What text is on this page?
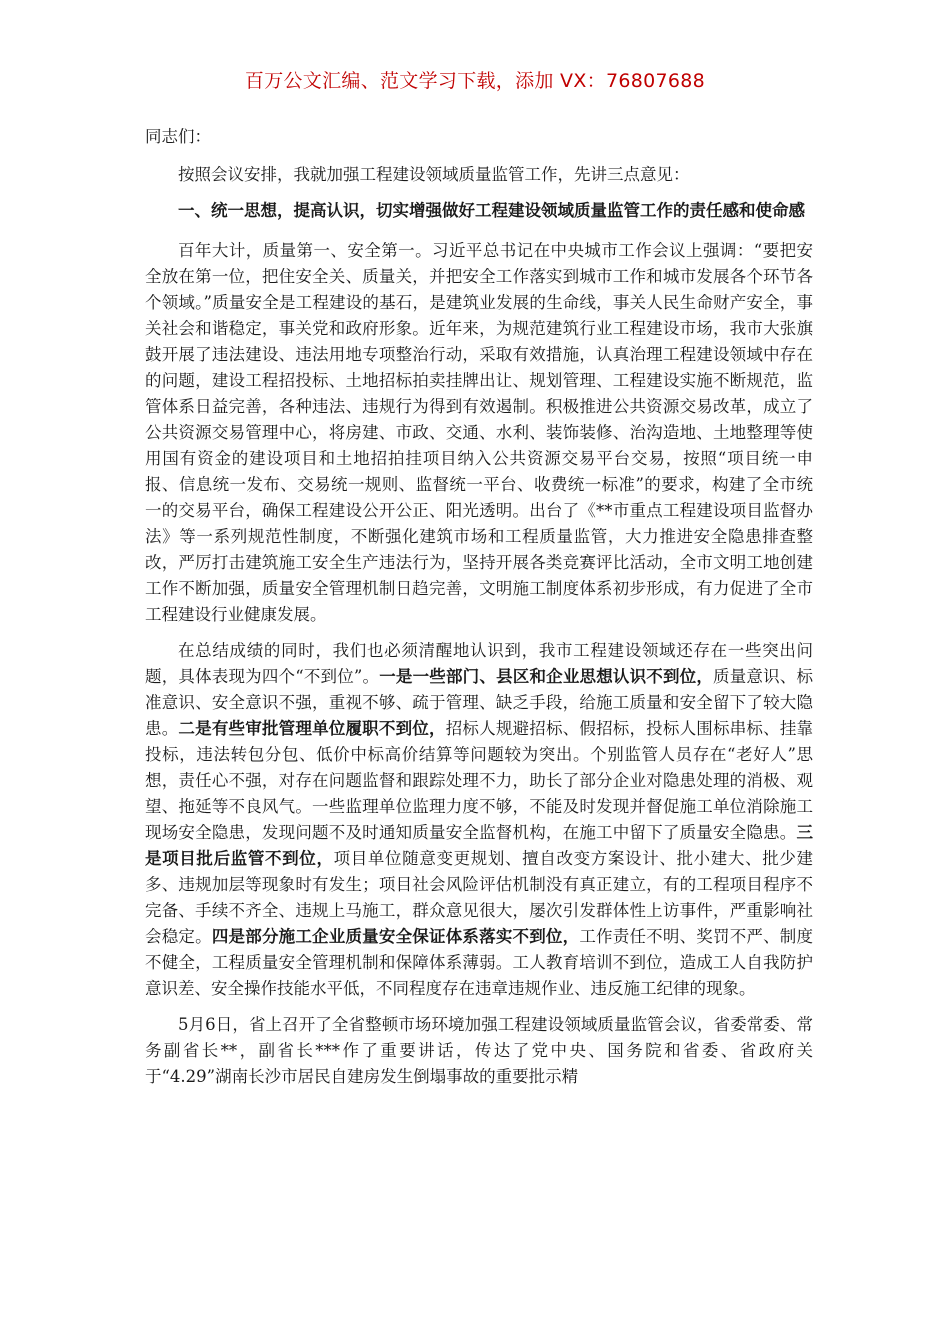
百万公文汇编、范文学习下载，添加 VX：76807688

同志们：

按照会议安排，我就加强工程建设领域质量监管工作，先讲三点意见：

一、统一思想，提高认识，切实增强做好工程建设领域质量监管工作的责任感和使命感

百年大计，质量第一、安全第一。习近平总书记在中央城市工作会议上强调：“要把安全放在第一位，把住安全关、质量关，并把安全工作落实到城市工作和城市发展各个环节各个领域。”质量安全是工程建设的基石，是建筑业发展的生命线，事关人民生命财产安全，事关社会和谐稳定，事关党和政府形象。近年来，为规范建筑行业工程建设市场，我市大张旗鼓开展了违法建设、违法用地专项整治行动，采取有效措施，认真治理工程建设领域中存在的问题，建设工程招投标、土地招标拍卖挂牌出让、规划管理、工程建设实施不断规范，监管体系日益完善，各种违法、违规行为得到有效遏制。积极推进公共资源交易改革，成立了公共资源交易管理中心，将房建、市政、交通、水利、装饰装修、治沟造地、土地整理等使用国有资金的建设项目和土地招拍挂项目纳入公共资源交易平台交易，按照“项目统一申报、信息统一发布、交易统一规则、监督统一平台、收费统一标准”的要求，构建了全市统一的交易平台，确保工程建设公开公正、阳光透明。出台了《**市重点工程建设项目监督办法》等一系列规范性制度，不断强化建筑市场和工程质量监管，大力推进安全隐患排查整改，严厉打击建筑施工安全生产违法行为，坚持开展各类竞赛评比活动，全市文明工地创建工作不断加强，质量安全管理机制日趋完善，文明施工制度体系初步形成，有力促进了全市工程建设行业健康发展。

在总结成绩的同时，我们也必须清醒地认识到，我市工程建设领域还存在一些突出问题，具体表现为四个“不到位”。一是一些部门、县区和企业思想认识不到位，质量意识、标准意识、安全意识不强，重视不够、疏于管理、缺乏手段，给施工质量和安全留下了较大隐患。二是有些审批管理单位履职不到位，招标人规避招标、假招标，投标人围标串标、挂靠投标，违法转包分包、低价中标高价结算等问题较为突出。个别监管人员存在“老好人”思想，责任心不强，对存在问题监督和跟踪处理不力，助长了部分企业对隐患处理的消极、观望、拖延等不良风气。一些监理单位监理力度不够，不能及时发现并督促施工单位消除施工现场安全隐患，发现问题不及时通知质量安全监督机构，在施工中留下了质量安全隐患。三是项目批后监管不到位，项目单位随意变更规划、擅自改变方案设计、批小建大、批少建多、违规加层等现象时有发生；项目社会风险评估机制没有真正建立，有的工程项目程序不完备、手续不齐全、违规上马施工，群众意见很大，屡次引发群体性上访事件，严重影响社会稳定。四是部分施工企业质量安全保证体系落实不到位，工作责任不明、奖罚不严、制度不健全，工程质量安全管理机制和保障体系薄弱。工人教育培训不到位，造成工人自我防护意识差、安全操作技能水平低，不同程度存在违章违规作业、违反施工纪律的现象。

5月6日，省上召开了全省整顿市场环境加强工程建设领域质量监管会议，省委常委、常务副省长**，副省长***作了重要讲话，传达了党中央、国务院和省委、省政府关于“4.29”湖南长沙市居民自建房发生倒塌事故的重要批示精
